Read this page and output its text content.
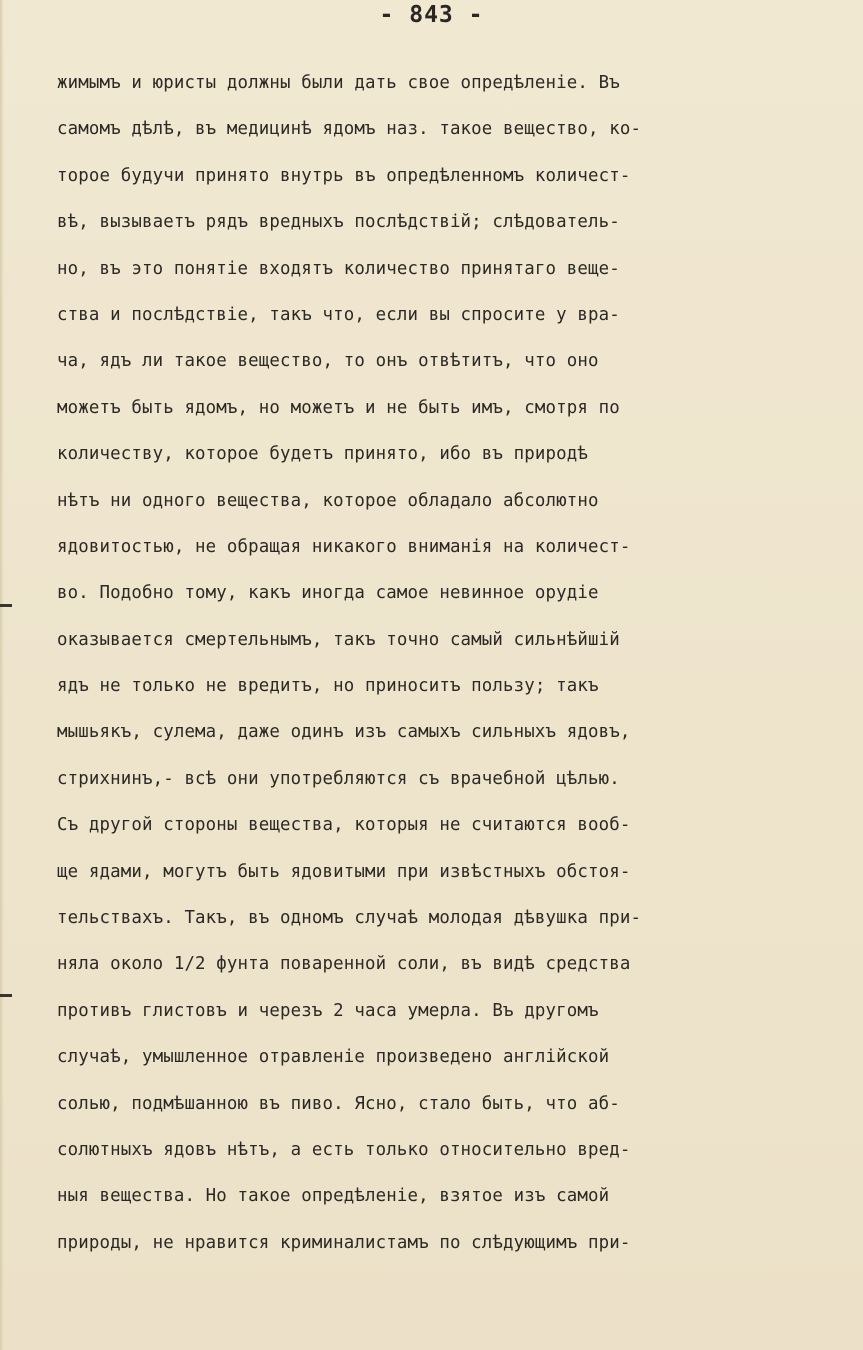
- 843 -
жимымъ и юристы должны были дать свое опредѣленіе. Въ
самомъ дѣлѣ, въ медицинѣ ядомъ наз. такое вещество, ко-
торое будучи принято внутрь въ опредѣленномъ количест-
вѣ, вызываетъ рядъ вредныхъ послѣдствій; слѣдователь-
но, въ это понятіе входятъ количество принятаго веще-
ства и послѣдствіе, такъ что, если вы спросите у вра-
ча, ядъ ли такое вещество, то онъ отвѣтитъ, что оно
можетъ быть ядомъ, но можетъ и не быть имъ, смотря по
количеству, которое будетъ принято, ибо въ природѣ
нѣтъ ни одного вещества, которое обладало абсолютно
ядовитостью, не обращая никакого вниманія на количест-
во. Подобно тому, какъ иногда самое невинное орудіе
оказывается смертельнымъ, такъ точно самый сильнѣйшій
ядъ не только не вредитъ, но приноситъ пользу; такъ
мышьякъ, сулема, даже одинъ изъ самыхъ сильныхъ ядовъ,
стрихнинъ,- всѣ они употребляются съ врачебной цѣлью.
Съ другой стороны вещества, которыя не считаются вооб-
ще ядами, могутъ быть ядовитыми при извѣстныхъ обстоя-
тельствахъ. Такъ, въ одномъ случаѣ молодая дѣвушка при-
няла около 1/2 фунта поваренной соли, въ видѣ средства
противъ глистовъ и черезъ 2 часа умерла. Въ другомъ
случаѣ, умышленное отравленіе произведено англійской
солью, подмѣшанною въ пиво. Ясно, стало быть, что аб-
солютныхъ ядовъ нѣтъ, а есть только относительно вред-
ныя вещества. Но такое опредѣленіе, взятое изъ самой
природы, не нравится криминалистамъ по слѣдующимъ при-
